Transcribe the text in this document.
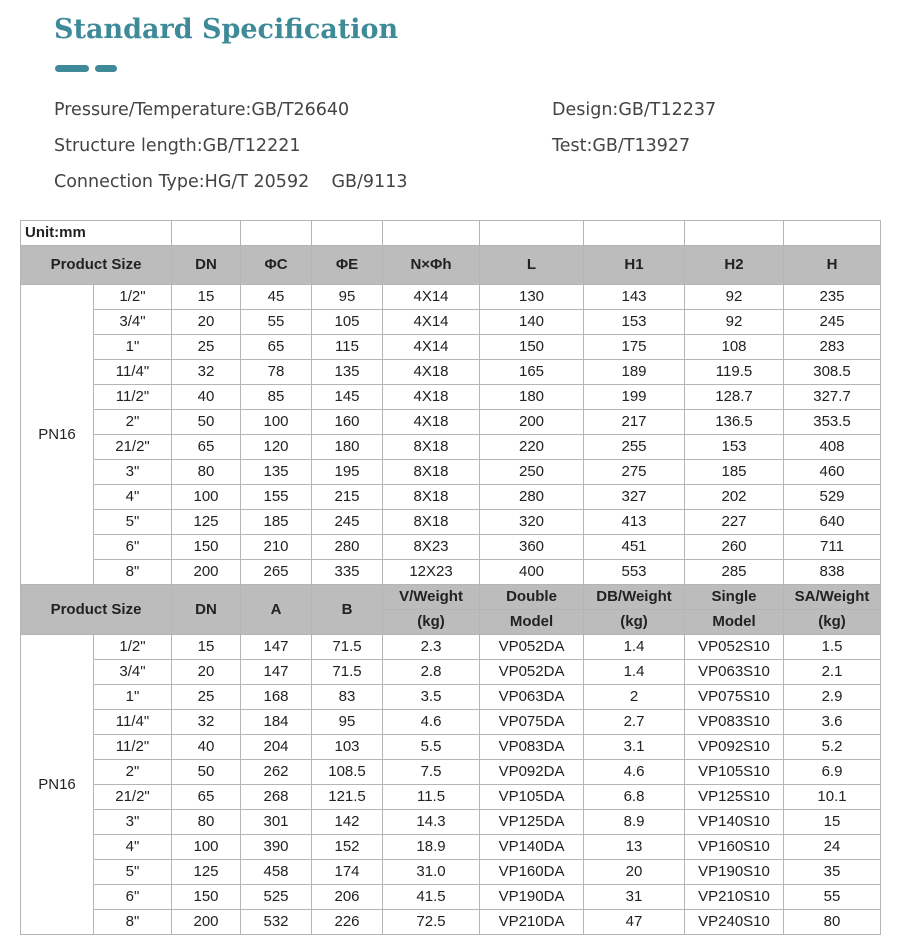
Standard Specification
Pressure/Temperature:GB/T26640	Design:GB/T12237
Structure length:GB/T12221	Test:GB/T13927
Connection Type:HG/T 20592    GB/9113
Unit:mm									
Product Size		DN	ΦC	ΦE	N×Φh	L	H1	H2	H
PN16	1/2"	15	45	95	4X14	130	143	92	235
	3/4"	20	55	105	4X14	140	153	92	245
	1"	25	65	115	4X14	150	175	108	283
	11/4"	32	78	135	4X18	165	189	119.5	308.5
	11/2"	40	85	145	4X18	180	199	128.7	327.7
	2"	50	100	160	4X18	200	217	136.5	353.5
	21/2"	65	120	180	8X18	220	255	153	408
	3"	80	135	195	8X18	250	275	185	460
	4"	100	155	215	8X18	280	327	202	529
	5"	125	185	245	8X18	320	413	227	640
	6"	150	210	280	8X23	360	451	260	711
	8"	200	265	335	12X23	400	553	285	838
Product Size		DN	A	B	V/Weight	Double	DB/Weight	Single	SA/Weight
					(kg)	Model	(kg)	Model	(kg)
PN16	1/2"	15	147	71.5	2.3	VP052DA	1.4	VP052S10	1.5
	3/4"	20	147	71.5	2.8	VP052DA	1.4	VP063S10	2.1
	1"	25	168	83	3.5	VP063DA	2	VP075S10	2.9
	11/4"	32	184	95	4.6	VP075DA	2.7	VP083S10	3.6
	11/2"	40	204	103	5.5	VP083DA	3.1	VP092S10	5.2
	2"	50	262	108.5	7.5	VP092DA	4.6	VP105S10	6.9
	21/2"	65	268	121.5	11.5	VP105DA	6.8	VP125S10	10.1
	3"	80	301	142	14.3	VP125DA	8.9	VP140S10	15
	4"	100	390	152	18.9	VP140DA	13	VP160S10	24
	5"	125	458	174	31.0	VP160DA	20	VP190S10	35
	6"	150	525	206	41.5	VP190DA	31	VP210S10	55
	8"	200	532	226	72.5	VP210DA	47	VP240S10	80
